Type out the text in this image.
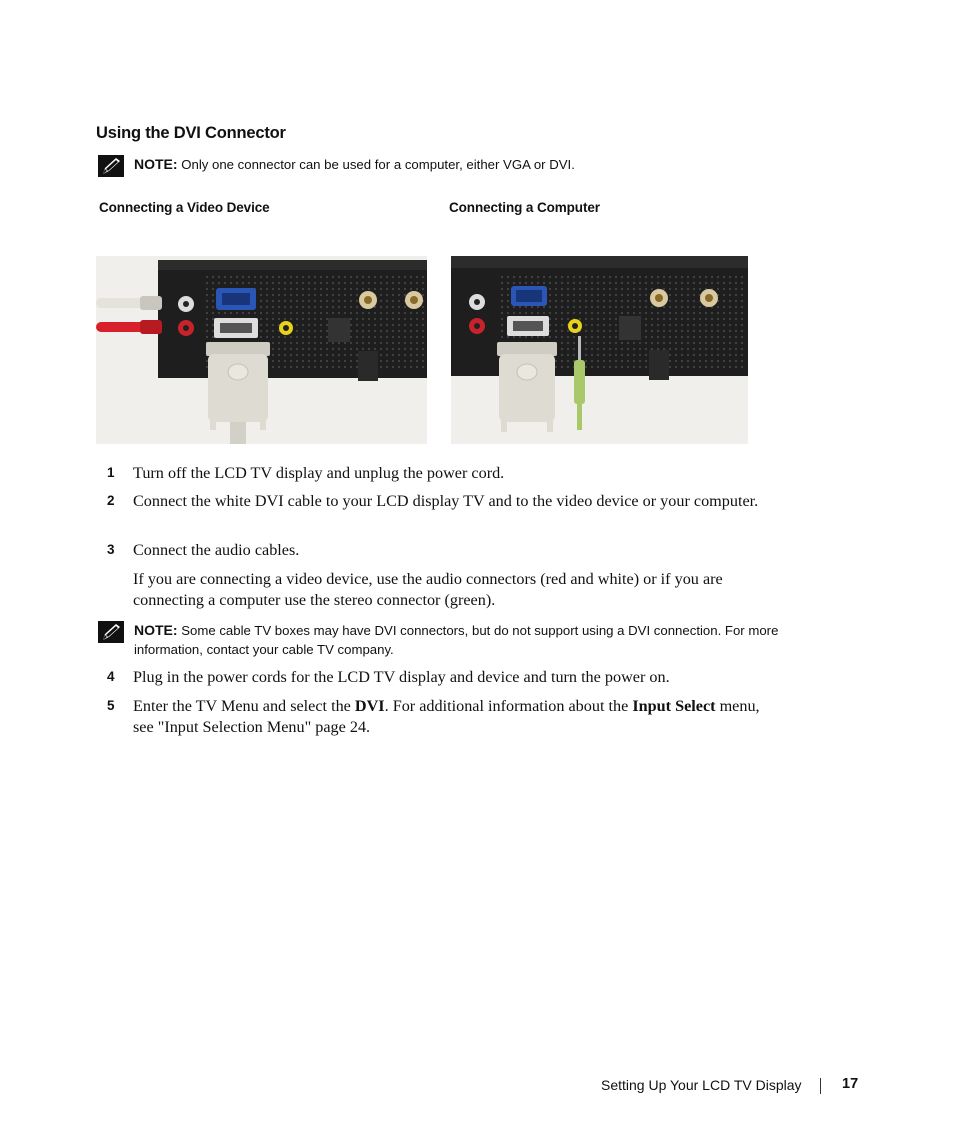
Using the DVI Connector
NOTE: Only one connector can be used for a computer, either VGA or DVI.
Connecting a Video Device	Connecting a Computer
1 Turn off the LCD TV display and unplug the power cord.
2 Connect the white DVI cable to your LCD display TV and to the video device or your computer.
3 Connect the audio cables.
If you are connecting a video device, use the audio connectors (red and white) or if you are connecting a computer use the stereo connector (green).
NOTE: Some cable TV boxes may have DVI connectors, but do not support using a DVI connection. For more information, contact your cable TV company.
4 Plug in the power cords for the LCD TV display and device and turn the power on.
5 Enter the TV Menu and select the DVI. For additional information about the Input Select menu, see "Input Selection Menu" page 24.
Setting Up Your LCD TV Display	17
